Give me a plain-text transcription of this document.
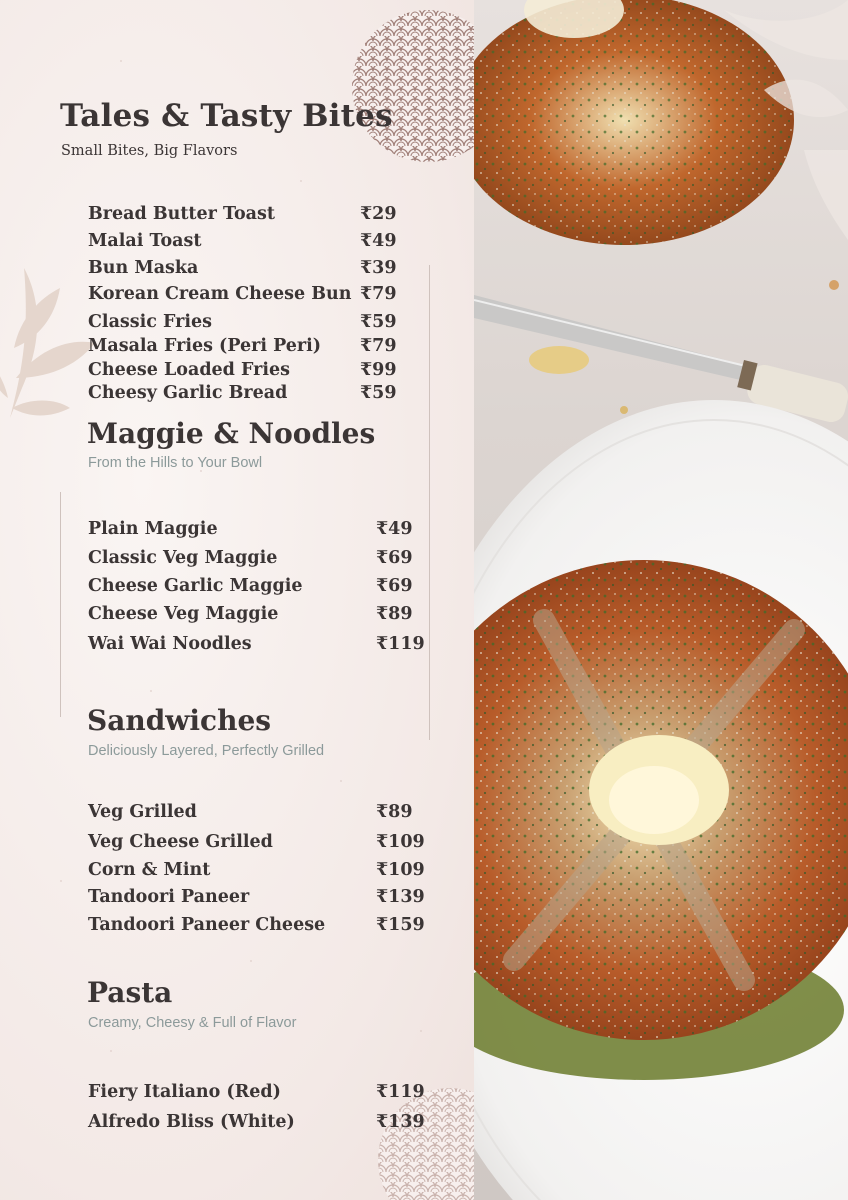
Tales & Tasty Bites
Small Bites, Big Flavors
Bread Butter Toast	₹29
Malai Toast	₹49
Bun Maska	₹39
Korean Cream Cheese Bun ₹79
Classic Fries	₹59
Masala Fries (Peri Peri) ₹79
Cheese Loaded Fries	₹99
Cheesy Garlic Bread	₹59
Maggie & Noodles
From the Hills to Your Bowl
Plain Maggie	₹49
Classic Veg Maggie	₹69
Cheese Garlic Maggie	₹69
Cheese Veg Maggie	₹89
Wai Wai Noodles	₹119
Sandwiches
Deliciously Layered, Perfectly Grilled
Veg Grilled	₹89
Veg Cheese Grilled	₹109
Corn & Mint	₹109
Tandoori Paneer	₹139
Tandoori Paneer Cheese	₹159
Pasta
Creamy, Cheesy & Full of Flavor
Fiery Italiano (Red)	₹119
Alfredo Bliss (White)	₹139
